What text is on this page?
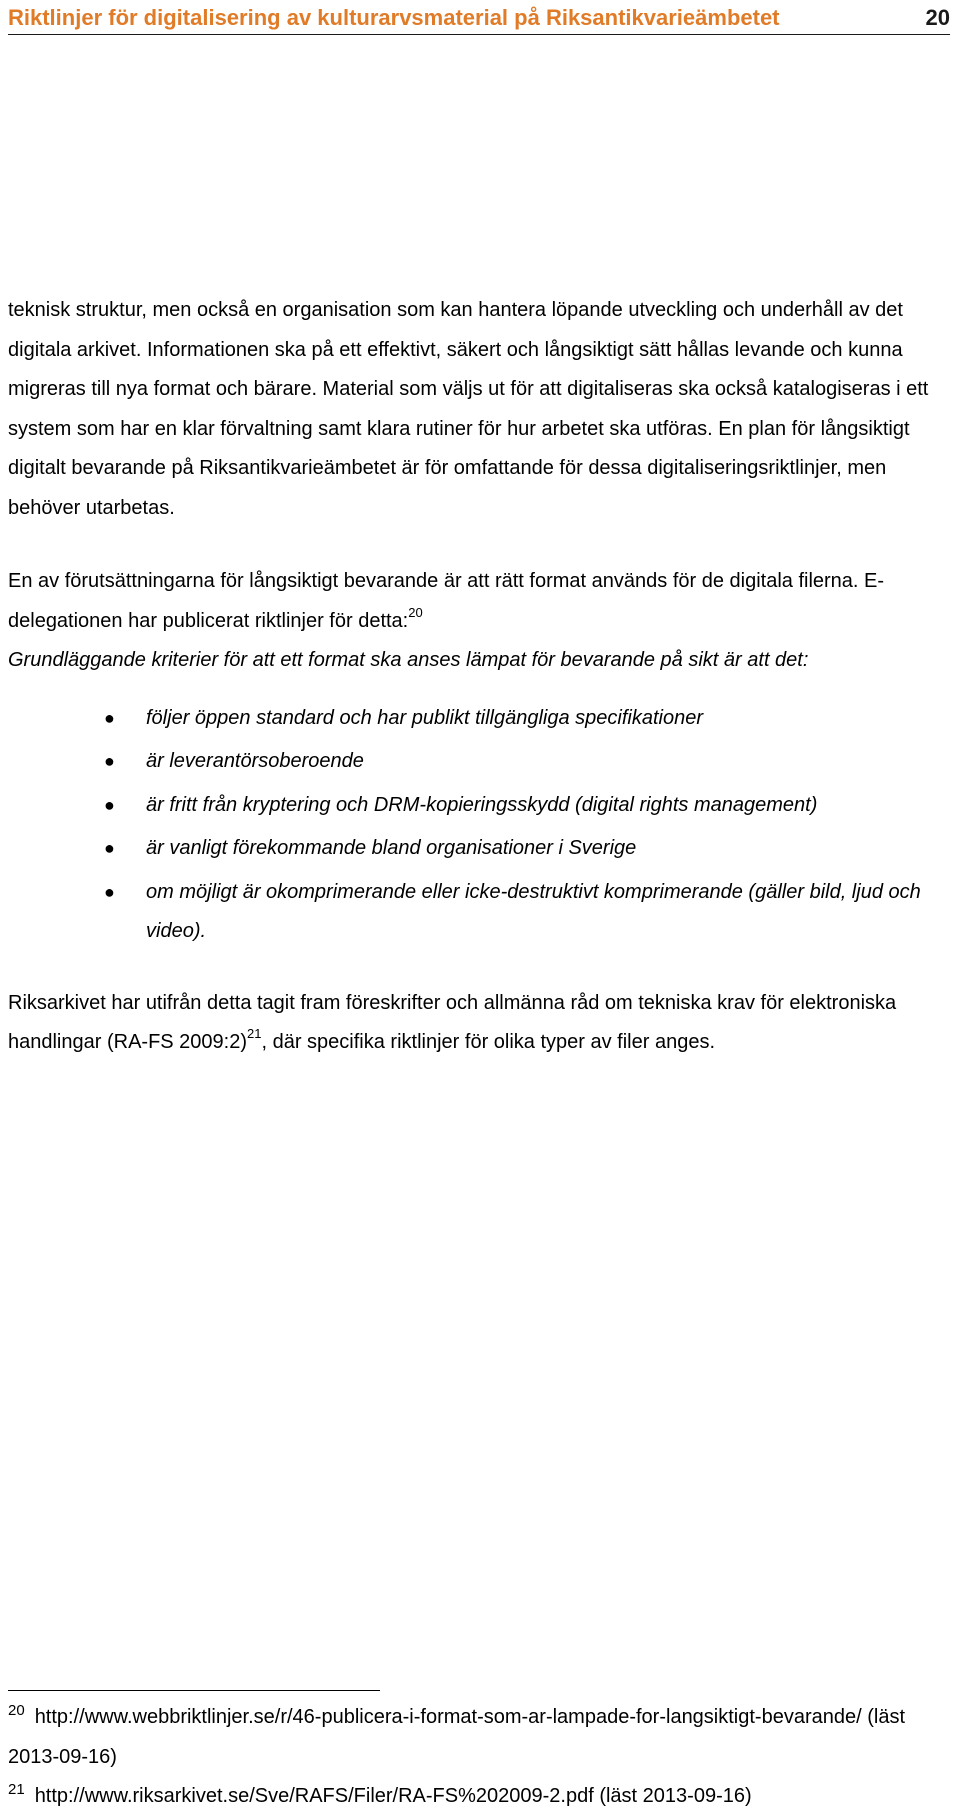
Riktlinjer för digitalisering av kulturarvsmaterial på Riksantikvarieämbetet	20

teknisk struktur, men också en organisation som kan hantera löpande utveckling och underhåll av det digitala arkivet. Informationen ska på ett effektivt, säkert och långsiktigt sätt hållas levande och kunna migreras till nya format och bärare. Material som väljs ut för att digitaliseras ska också katalogiseras i ett system som har en klar förvaltning samt klara rutiner för hur arbetet ska utföras. En plan för långsiktigt digitalt bevarande på Riksantikvarieämbetet är för omfattande för dessa digitaliseringsriktlinjer, men behöver utarbetas.

En av förutsättningarna för långsiktigt bevarande är att rätt format används för de digitala filerna. E-delegationen har publicerat riktlinjer för detta:$^{20}$

Grundläggande kriterier för att ett format ska anses lämpat för bevarande på sikt är att det:

● följer öppen standard och har publikt tillgängliga specifikationer
● är leverantörsoberoende
● är fritt från kryptering och DRM-kopieringsskydd (digital rights management)
● är vanligt förekommande bland organisationer i Sverige
● om möjligt är okomprimerande eller icke-destruktivt komprimerande (gäller bild, ljud och video).

Riksarkivet har utifrån detta tagit fram föreskrifter och allmänna råd om tekniska krav för elektroniska handlingar (RA-FS 2009:2)$^{21}$, där specifika riktlinjer för olika typer av filer anges.

$^{20}$ http://www.webbriktlinjer.se/r/46-publicera-i-format-som-ar-lampade-for-langsiktigt-bevarande/ (läst 2013-09-16)

$^{21}$ http://www.riksarkivet.se/Sve/RAFS/Filer/RA-FS%202009-2.pdf (läst 2013-09-16)
